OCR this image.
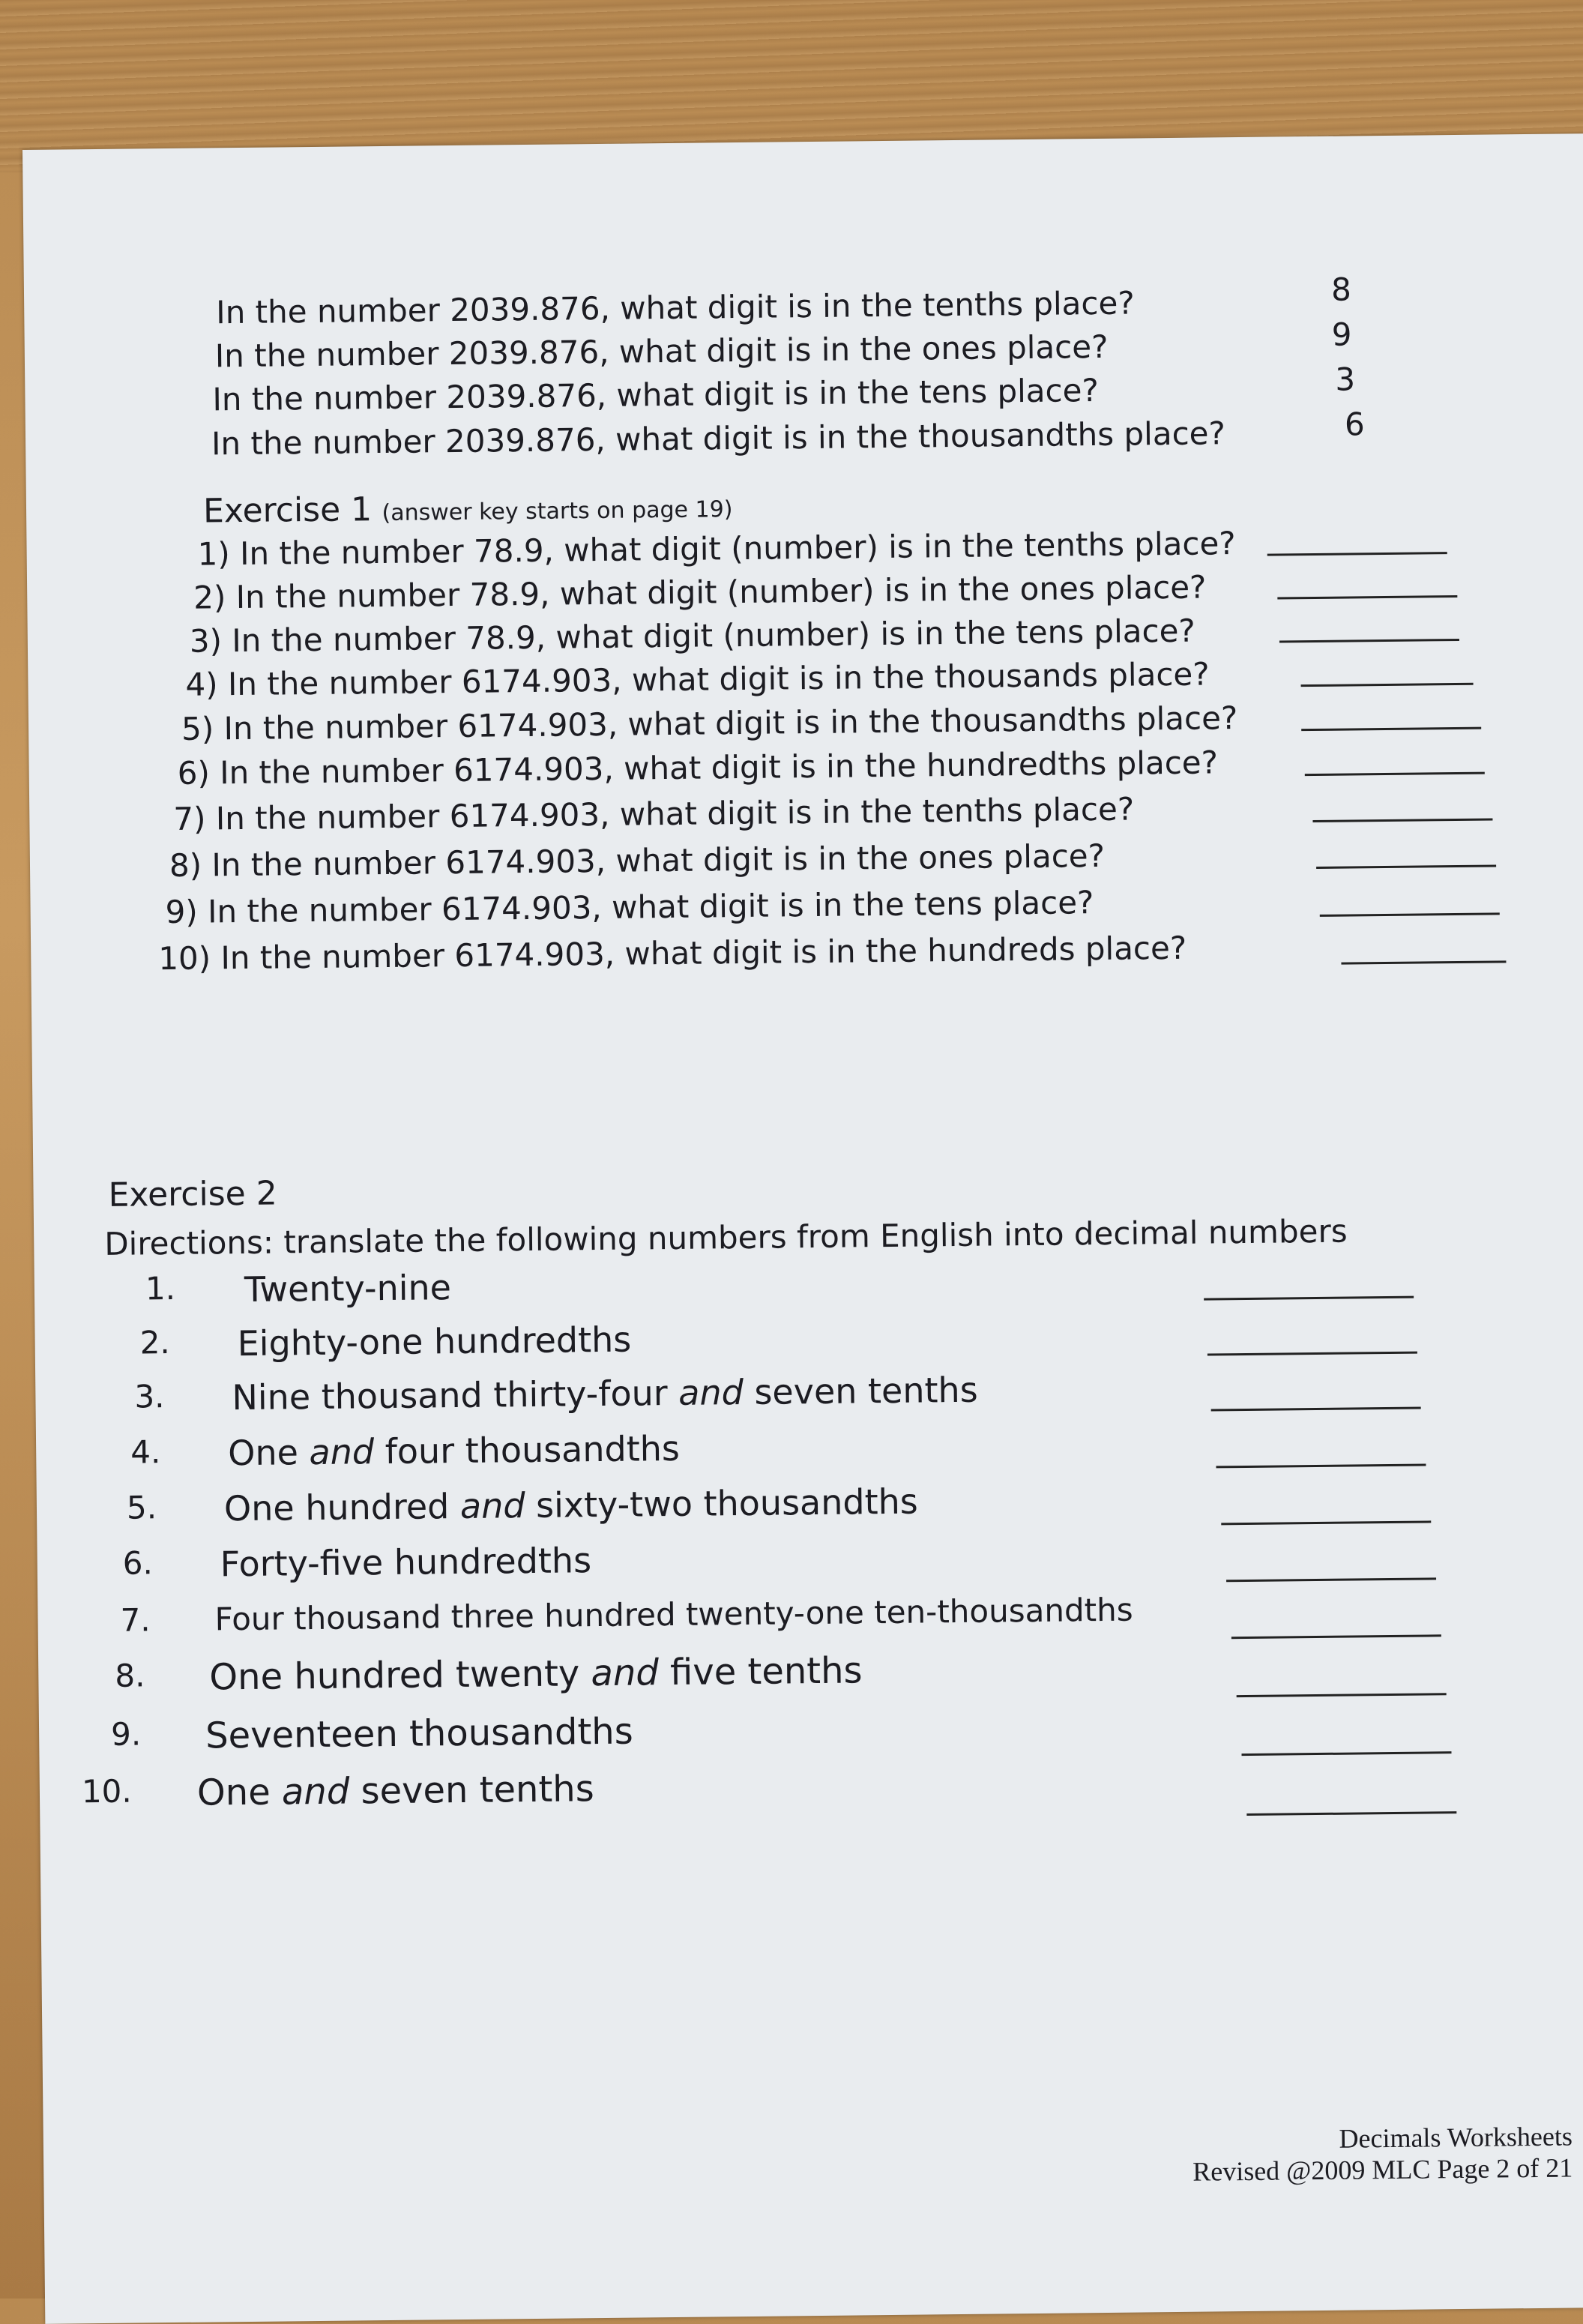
In the number 2039.876, what digit is in the tenths place?	8
In the number 2039.876, what digit is in the ones place?	9
In the number 2039.876, what digit is in the tens place?	3
In the number 2039.876, what digit is in the thousandths place?	6
Exercise 1 (answer key starts on page 19)
1) In the number 78.9, what digit (number) is in the tenths place?
2) In the number 78.9, what digit (number) is in the ones place?
3) In the number 78.9, what digit (number) is in the tens place?
4) In the number 6174.903, what digit is in the thousands place?
5) In the number 6174.903, what digit is in the thousandths place?
6) In the number 6174.903, what digit is in the hundredths place?
7) In the number 6174.903, what digit is in the tenths place?
8) In the number 6174.903, what digit is in the ones place?
9) In the number 6174.903, what digit is in the tens place?
10) In the number 6174.903, what digit is in the hundreds place?
Exercise 2
Directions: translate the following numbers from English into decimal numbers
1. Twenty-nine
2. Eighty-one hundredths
3. Nine thousand thirty-four and seven tenths
4. One and four thousandths
5. One hundred and sixty-two thousandths
6. Forty-five hundredths
7. Four thousand three hundred twenty-one ten-thousandths
8. One hundred twenty and five tenths
9. Seventeen thousandths
10. One and seven tenths
Decimals Worksheets
Revised @2009 MLC Page 2 of 21
